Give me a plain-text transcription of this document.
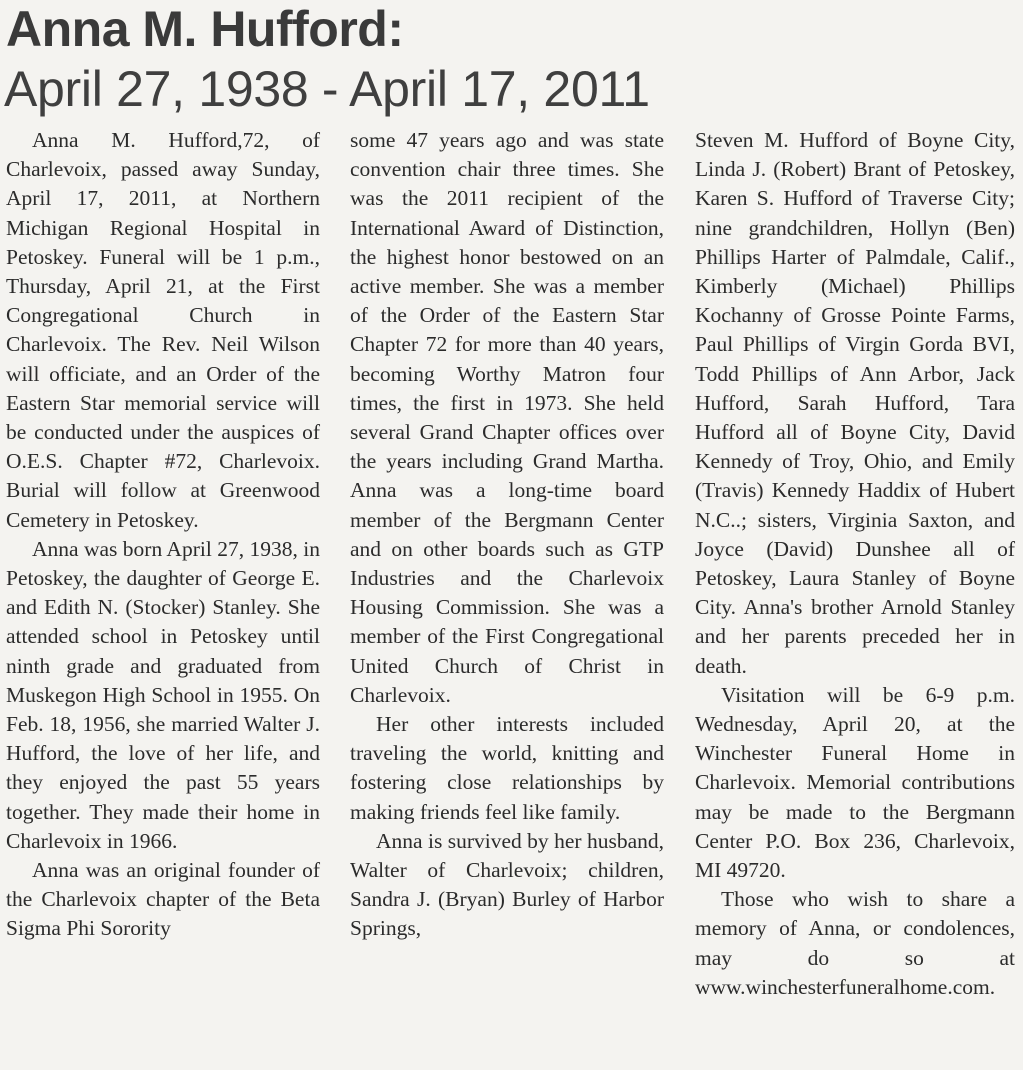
Anna M. Hufford:
April 27, 1938 - April 17, 2011

Anna M. Hufford,72, of Charlevoix, passed away Sunday, April 17, 2011, at Northern Michigan Regional Hospital in Petoskey. Funeral will be 1 p.m., Thursday, April 21, at the First Congregational Church in Charlevoix. The Rev. Neil Wilson will officiate, and an Order of the Eastern Star memorial service will be conducted under the auspices of O.E.S. Chapter #72, Charlevoix. Burial will follow at Greenwood Cemetery in Petoskey.

Anna was born April 27, 1938, in Petoskey, the daughter of George E. and Edith N. (Stocker) Stanley. She attended school in Petoskey until ninth grade and graduated from Muskegon High School in 1955. On Feb. 18, 1956, she married Walter J. Hufford, the love of her life, and they enjoyed the past 55 years together. They made their home in Charlevoix in 1966.

Anna was an original founder of the Charlevoix chapter of the Beta Sigma Phi Sorority

some 47 years ago and was state convention chair three times. She was the 2011 recipient of the International Award of Distinction, the highest honor bestowed on an active member. She was a member of the Order of the Eastern Star Chapter 72 for more than 40 years, becoming Worthy Matron four times, the first in 1973. She held several Grand Chapter offices over the years including Grand Martha. Anna was a long-time board member of the Bergmann Center and on other boards such as GTP Industries and the Charlevoix Housing Commission. She was a member of the First Congregational United Church of Christ in Charlevoix.

Her other interests included traveling the world, knitting and fostering close relationships by making friends feel like family.

Anna is survived by her husband, Walter of Charlevoix; children, Sandra J. (Bryan) Burley of Harbor Springs,

Steven M. Hufford of Boyne City, Linda J. (Robert) Brant of Petoskey, Karen S. Hufford of Traverse City; nine grandchildren, Hollyn (Ben) Phillips Harter of Palmdale, Calif., Kimberly (Michael) Phillips Kochanny of Grosse Pointe Farms, Paul Phillips of Virgin Gorda BVI, Todd Phillips of Ann Arbor, Jack Hufford, Sarah Hufford, Tara Hufford all of Boyne City, David Kennedy of Troy, Ohio, and Emily (Travis) Kennedy Haddix of Hubert N.C..; sisters, Virginia Saxton, and Joyce (David) Dunshee all of Petoskey, Laura Stanley of Boyne City. Anna's brother Arnold Stanley and her parents preceded her in death.

Visitation will be 6-9 p.m. Wednesday, April 20, at the Winchester Funeral Home in Charlevoix. Memorial contributions may be made to the Bergmann Center P.O. Box 236, Charlevoix, MI 49720.

Those who wish to share a memory of Anna, or condolences, may do so at www.winchesterfuneralhome.com.
